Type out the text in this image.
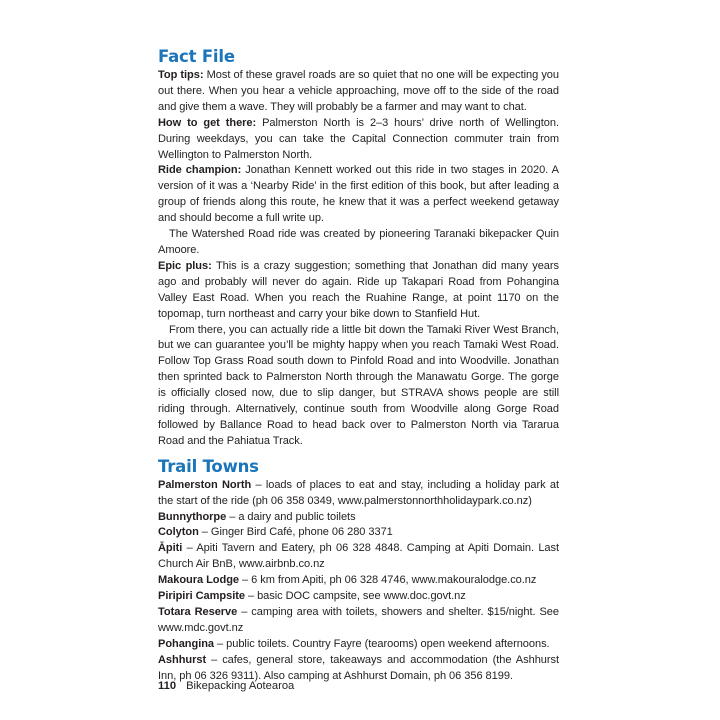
Fact File

Top tips: Most of these gravel roads are so quiet that no one will be expecting you out there. When you hear a vehicle approaching, move off to the side of the road and give them a wave. They will probably be a farmer and may want to chat.

How to get there: Palmerston North is 2–3 hours’ drive north of Wellington. During weekdays, you can take the Capital Connection commuter train from Wellington to Palmerston North.

Ride champion: Jonathan Kennett worked out this ride in two stages in 2020. A version of it was a ‘Nearby Ride’ in the first edition of this book, but after leading a group of friends along this route, he knew that it was a perfect weekend getaway and should become a full write up.

The Watershed Road ride was created by pioneering Taranaki bikepacker Quin Amoore.

Epic plus: This is a crazy suggestion; something that Jonathan did many years ago and probably will never do again. Ride up Takapari Road from Pohangina Valley East Road. When you reach the Ruahine Range, at point 1170 on the topomap, turn northeast and carry your bike down to Stanfield Hut.

From there, you can actually ride a little bit down the Tamaki River West Branch, but we can guarantee you’ll be mighty happy when you reach Tamaki West Road. Follow Top Grass Road south down to Pinfold Road and into Woodville. Jonathan then sprinted back to Palmerston North through the Manawatu Gorge. The gorge is officially closed now, due to slip danger, but STRAVA shows people are still riding through. Alternatively, continue south from Woodville along Gorge Road followed by Ballance Road to head back over to Palmerston North via Tararua Road and the Pahiatua Track.

Trail Towns

Palmerston North – loads of places to eat and stay, including a holiday park at the start of the ride (ph 06 358 0349, www.palmerstonnorthholidaypark.co.nz)

Bunnythorpe – a dairy and public toilets

Colyton – Ginger Bird Café, phone 06 280 3371

Āpiti – Apiti Tavern and Eatery, ph 06 328 4848. Camping at Apiti Domain. Last Church Air BnB, www.airbnb.co.nz

Makoura Lodge – 6 km from Apiti, ph 06 328 4746, www.makouralodge.co.nz

Piripiri Campsite – basic DOC campsite, see www.doc.govt.nz

Totara Reserve – camping area with toilets, showers and shelter. $15/night. See www.mdc.govt.nz

Pohangina – public toilets. Country Fayre (tearooms) open weekend afternoons.

Ashhurst – cafes, general store, takeaways and accommodation (the Ashhurst Inn, ph 06 326 9311). Also camping at Ashhurst Domain, ph 06 356 8199.

110 Bikepacking Aotearoa
